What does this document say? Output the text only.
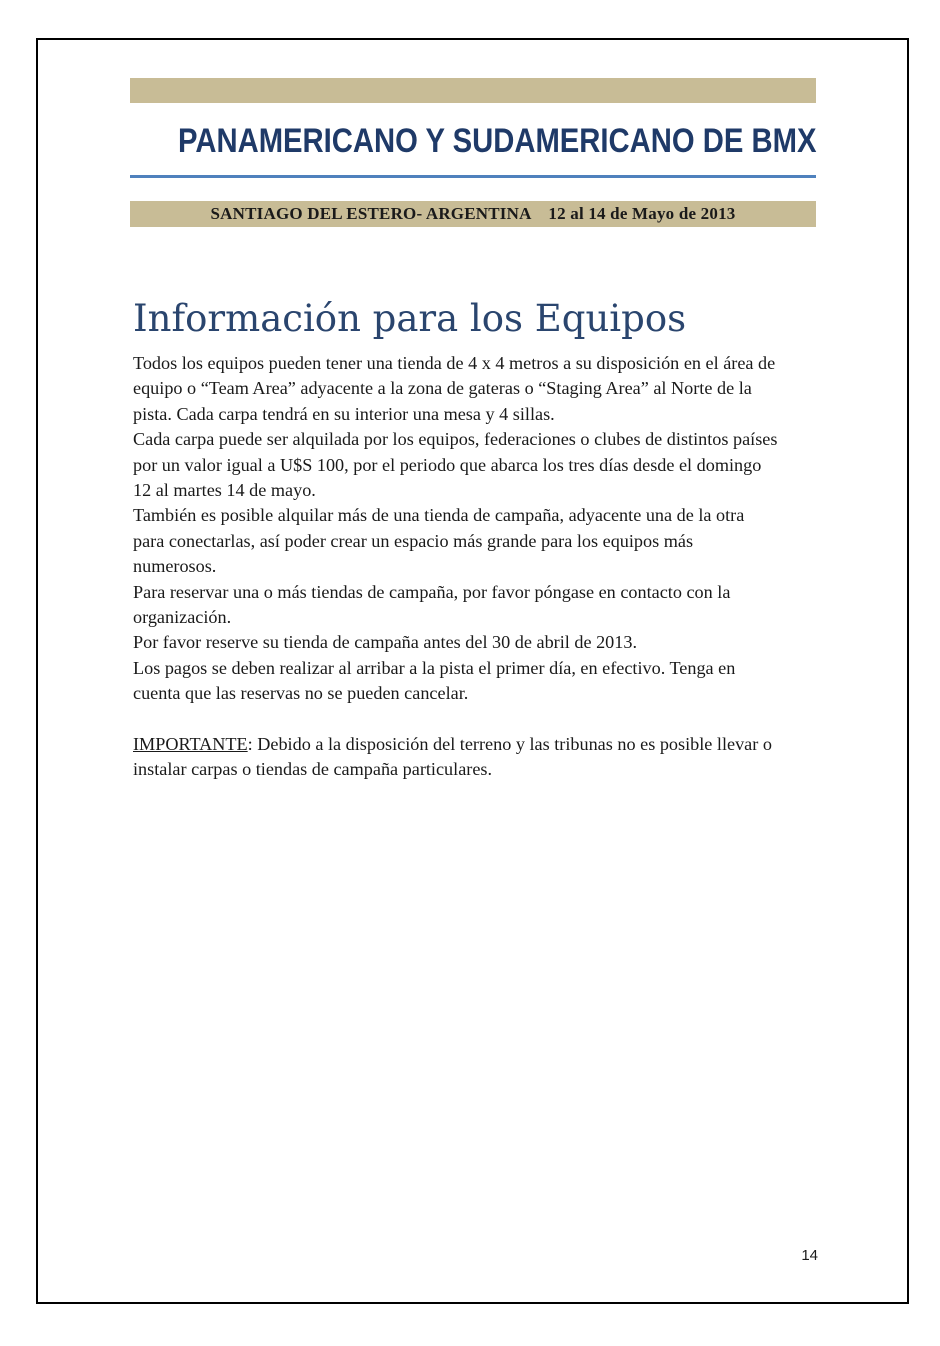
PANAMERICANO Y SUDAMERICANO DE BMX
SANTIAGO DEL ESTERO- ARGENTINA    12 al 14 de Mayo de 2013
Información para los Equipos

Todos los equipos pueden tener una tienda de 4 x 4 metros a su disposición en el área de

equipo o “Team Area” adyacente a la zona de gateras o “Staging Area” al Norte de la

pista. Cada carpa tendrá en su interior una mesa y 4 sillas.

Cada carpa puede ser alquilada por los equipos, federaciones o clubes de distintos países

por un valor igual a U$S 100, por el periodo que abarca los tres días desde el domingo

12 al martes 14 de mayo.

También es posible alquilar más de una tienda de campaña, adyacente una de la otra

para conectarlas, así poder crear un espacio más grande para los equipos más

numerosos.

Para reservar una o más tiendas de campaña, por favor póngase en contacto con la

organización.

Por favor reserve su tienda de campaña antes del 30 de abril de 2013.

Los pagos se deben realizar al arribar a la pista el primer día, en efectivo. Tenga en

cuenta que las reservas no se pueden cancelar.

IMPORTANTE: Debido a la disposición del terreno y las tribunas no es posible llevar o

instalar carpas o tiendas de campaña particulares.

14
